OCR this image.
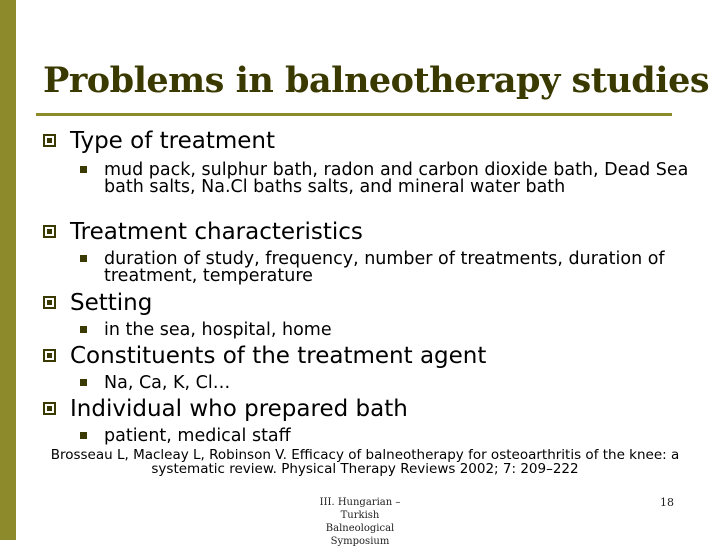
Problems in balneotherapy studies
Type of treatment
mud pack, sulphur bath, radon and carbon dioxide bath, Dead Sea bath salts, Na.Cl baths salts, and mineral water bath
Treatment characteristics
duration of study, frequency, number of treatments, duration of treatment, temperature
Setting
in the sea, hospital, home
Constituents of the treatment agent
Na, Ca, K, Cl…
Individual who prepared bath
patient, medical staff
Brosseau L, Macleay L, Robinson V. Efficacy of balneotherapy for osteoarthritis of the knee: a systematic review. Physical Therapy Reviews 2002; 7: 209–222
III. Hungarian – Turkish
Balneological Symposium
18
